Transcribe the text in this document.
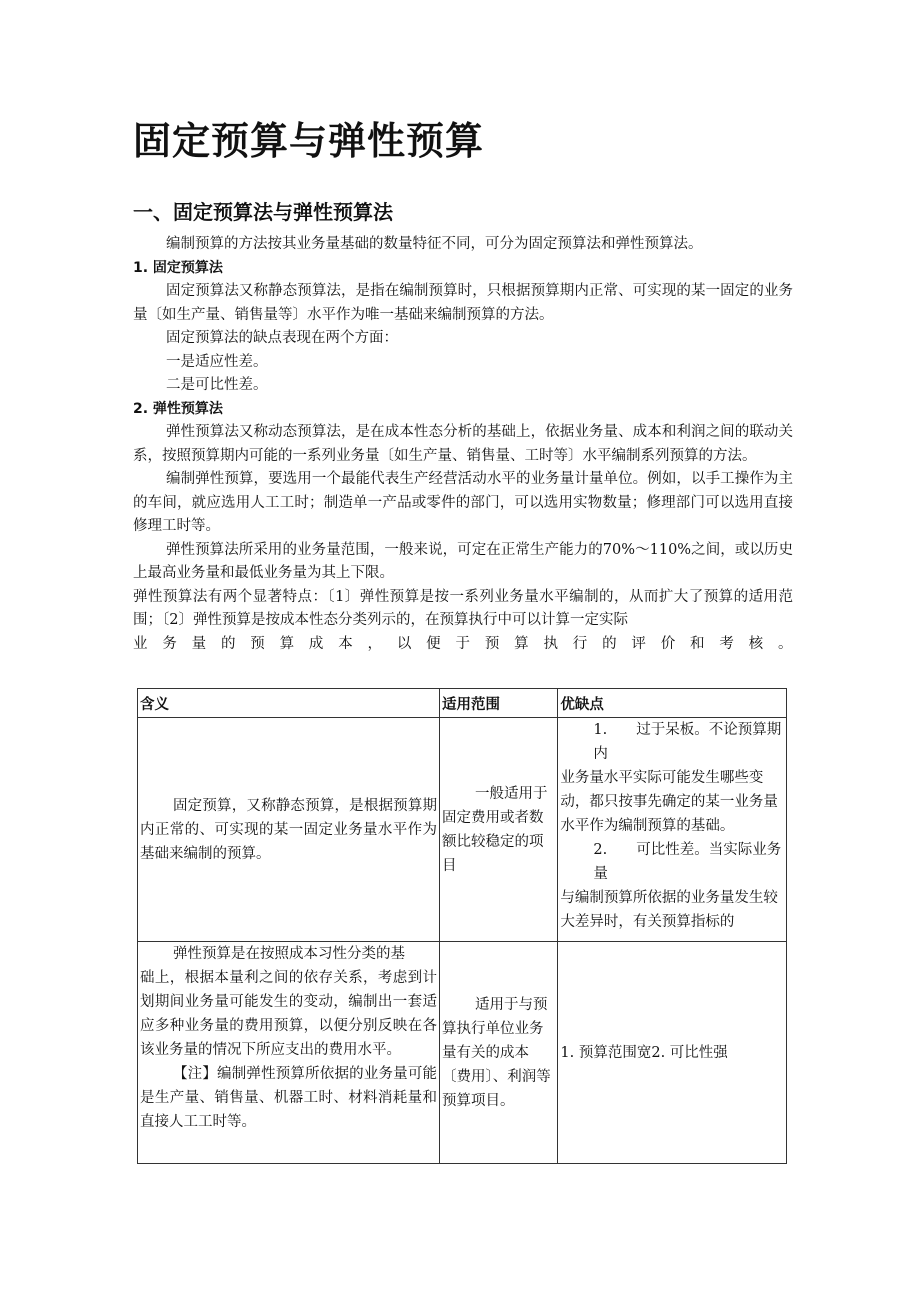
固定预算与弹性预算
一、固定预算法与弹性预算法

编制预算的方法按其业务量基础的数量特征不同，可分为固定预算法和弹性预算法。

1. 固定预算法

固定预算法又称静态预算法，是指在编制预算时，只根据预算期内正常、可实现的某一固定的业务量〔如生产量、销售量等〕水平作为唯一基础来编制预算的方法。

固定预算法的缺点表现在两个方面：

一是适应性差。

二是可比性差。

2. 弹性预算法

弹性预算法又称动态预算法，是在成本性态分析的基础上，依据业务量、成本和利润之间的联动关系，按照预算期内可能的一系列业务量〔如生产量、销售量、工时等〕水平编制系列预算的方法。

编制弹性预算，要选用一个最能代表生产经营活动水平的业务量计量单位。例如，以手工操作为主的车间，就应选用人工工时；制造单一产品或零件的部门，可以选用实物数量；修理部门可以选用直接修理工时等。

弹性预算法所采用的业务量范围，一般来说，可定在正常生产能力的70%～110%之间，或以历史上最高业务量和最低业务量为其上下限。

弹性预算法有两个显著特点：〔1〕弹性预算是按一系列业务量水平编制的，从而扩大了预算的适用范围；〔2〕弹性预算是按成本性态分类列示的，在预算执行中可以计算一定实际

业务量的预算成本，以便于预算执行的评价和考核。

含义	适用范围	优缺点

固定预算，又称静态预算，是根据预算期内正常的、可实现的某一固定业务量水平作为基础来编制的预算。	一般适用于固定费用或者数额比较稳定的项目	1.　　过于呆板。不论预算期内
业务量水平实际可能发生哪些变动，都只按事先确定的某一业务量水平作为编制预算的基础。
2.　　可比性差。当实际业务量
与编制预算所依据的业务量发生较大差异时，有关预算指标的

弹性预算是在按照成本习性分类的基
础上，根据本量利之间的依存关系，考虑到计划期间业务量可能发生的变动，编制出一套适应多种业务量的费用预算，以便分别反映在各该业务量的情况下所应支出的费用水平。
【注】编制弹性预算所依据的业务量可能是生产量、销售量、机器工时、材料消耗量和直接人工工时等。	适用于与预算执行单位业务量有关的成本〔费用〕、利润等预算项目。	1. 预算范围宽2. 可比性强
